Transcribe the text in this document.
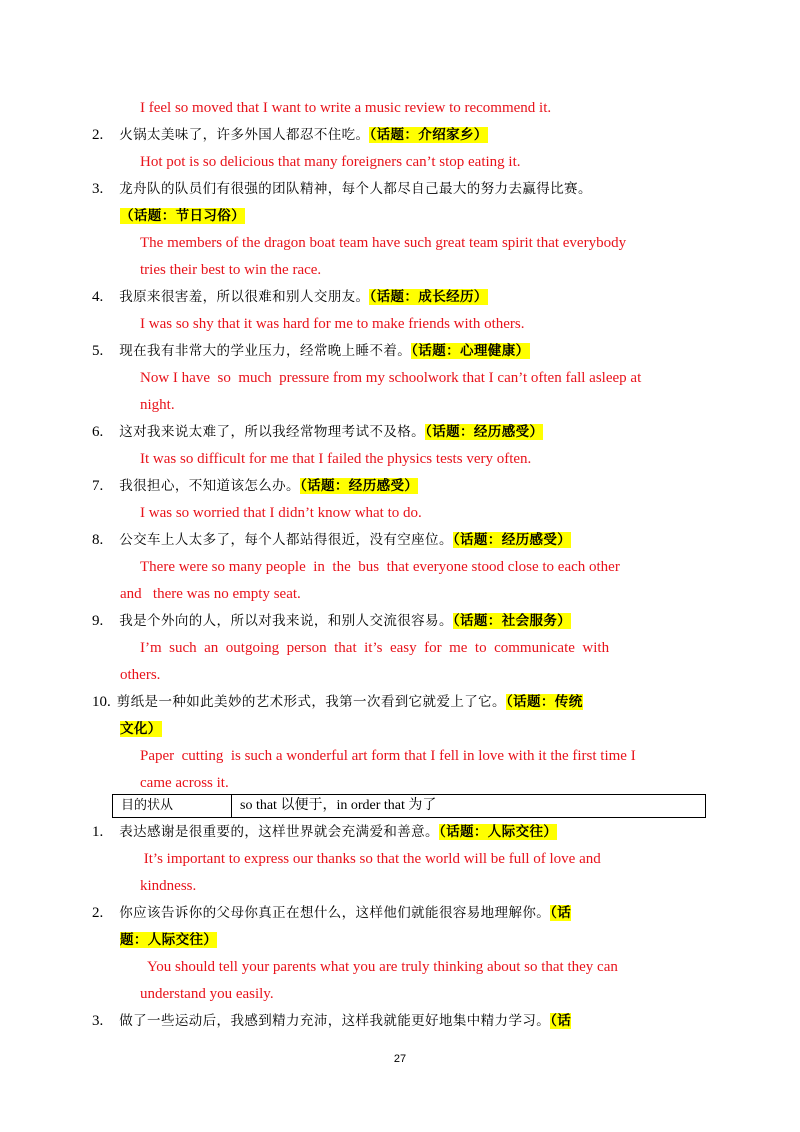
I feel so moved that I want to write a music review to recommend it.
2. 火锅太美味了，许多外国人都忍不住吃。（话题：介绍家乡）
Hot pot is so delicious that many foreigners can’t stop eating it.
3. 龙舟队的队员们有很强的团队精神，每个人都尽自己最大的努力去赢得比赛。
（话题：节日习俗）
The members of the dragon boat team have such great team spirit that everybody
tries their best to win the race.
4. 我原来很害羞，所以很难和别人交朋友。（话题：成长经历）
I was so shy that it was hard for me to make friends with others.
5. 现在我有非常大的学业压力，经常晚上睡不着。（话题：心理健康）
Now I have  so  much  pressure from my schoolwork that I can’t often fall asleep at
night.
6. 这对我来说太难了，所以我经常物理考试不及格。（话题：经历感受）
It was so difficult for me that I failed the physics tests very often.
7. 我很担心，不知道该怎么办。（话题：经历感受）
I was so worried that I didn’t know what to do.
8. 公交车上人太多了，每个人都站得很近，没有空座位。（话题：经历感受）
There were so many people  in  the  bus  that everyone stood close to each other
and   there was no empty seat.
9. 我是个外向的人，所以对我来说，和别人交流很容易。（话题：社会服务）
I’m  such  an  outgoing  person  that  it’s  easy  for  me  to  communicate  with
others.
10. 剪纸是一种如此美妙的艺术形式，我第一次看到它就爱上了它。（话题：传统
文化）
Paper  cutting  is such a wonderful art form that I fell in love with it the first time I
came across it.
目的状从	so that 以便于，in order that 为了
1. 表达感谢是很重要的，这样世界就会充满爱和善意。（话题：人际交往）
It’s important to express our thanks so that the world will be full of love and
kindness.
2. 你应该告诉你的父母你真正在想什么，这样他们就能很容易地理解你。（话
题：人际交往）
You should tell your parents what you are truly thinking about so that they can
understand you easily.
3. 做了一些运动后，我感到精力充沛，这样我就能更好地集中精力学习。（话
27
